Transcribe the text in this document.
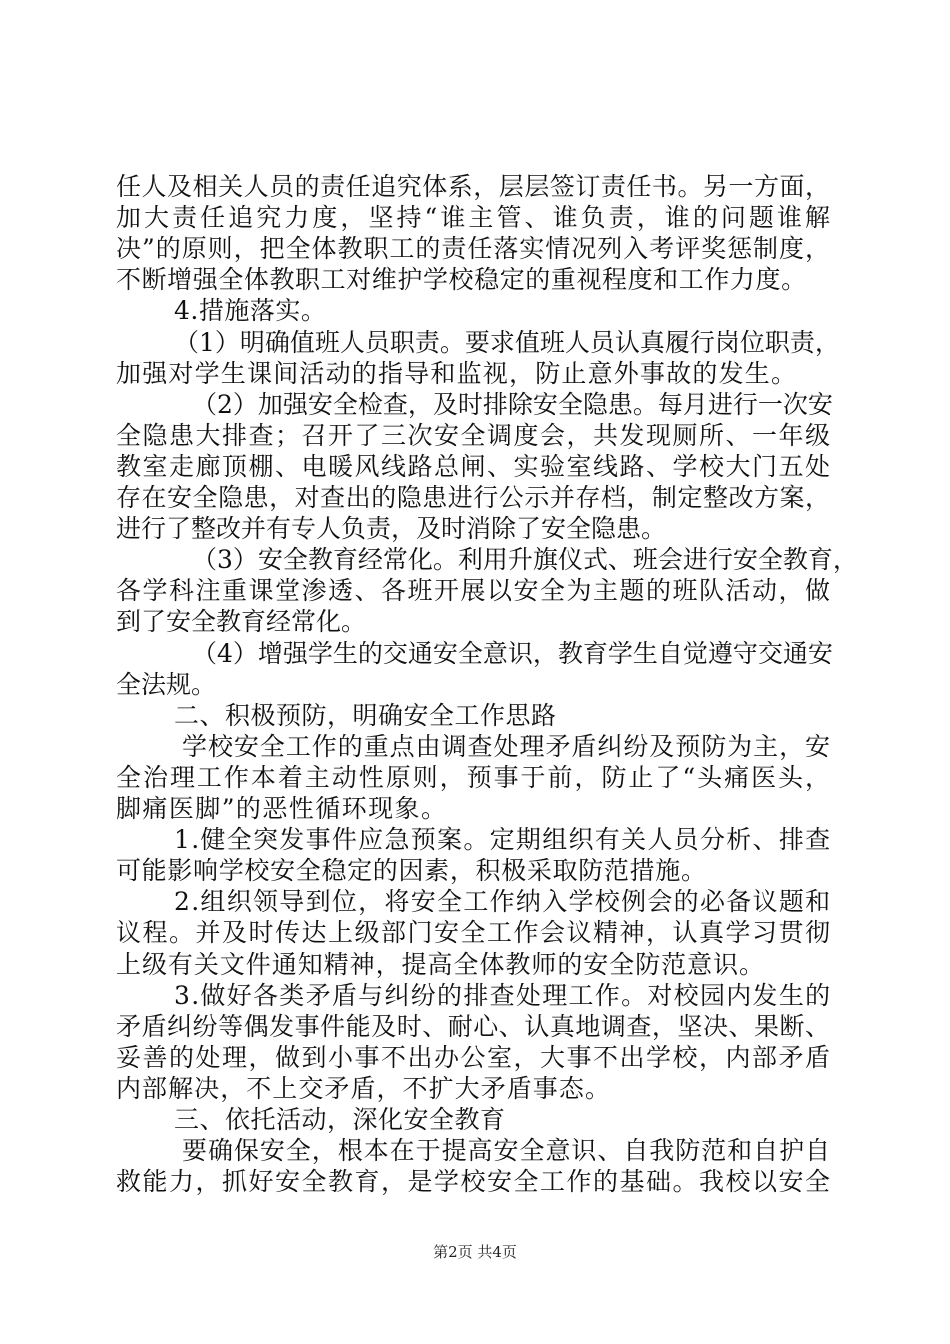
任人及相关人员的责任追究体系，层层签订责任书。另一方面，
加大责任追究力度，坚持“谁主管、谁负责，谁的问题谁解
决”的原则，把全体教职工的责任落实情况列入考评奖惩制度，
不断增强全体教职工对维护学校稳定的重视程度和工作力度。
4.措施落实。
（1）明确值班人员职责。要求值班人员认真履行岗位职责，
加强对学生课间活动的指导和监视，防止意外事故的发生。
（2）加强安全检查，及时排除安全隐患。每月进行一次安
全隐患大排查；召开了三次安全调度会，共发现厕所、一年级
教室走廊顶棚、电暖风线路总闸、实验室线路、学校大门五处
存在安全隐患，对查出的隐患进行公示并存档，制定整改方案，
进行了整改并有专人负责，及时消除了安全隐患。
（3）安全教育经常化。利用升旗仪式、班会进行安全教育，
各学科注重课堂渗透、各班开展以安全为主题的班队活动，做
到了安全教育经常化。
（4）增强学生的交通安全意识，教育学生自觉遵守交通安
全法规。
二、积极预防，明确安全工作思路
学校安全工作的重点由调查处理矛盾纠纷及预防为主，安
全治理工作本着主动性原则，预事于前，防止了“头痛医头，
脚痛医脚”的恶性循环现象。
1.健全突发事件应急预案。定期组织有关人员分析、排查
可能影响学校安全稳定的因素，积极采取防范措施。
2.组织领导到位，将安全工作纳入学校例会的必备议题和
议程。并及时传达上级部门安全工作会议精神，认真学习贯彻
上级有关文件通知精神，提高全体教师的安全防范意识。
3.做好各类矛盾与纠纷的排查处理工作。对校园内发生的
矛盾纠纷等偶发事件能及时、耐心、认真地调查，坚决、果断、
妥善的处理，做到小事不出办公室，大事不出学校，内部矛盾
内部解决，不上交矛盾，不扩大矛盾事态。
三、依托活动，深化安全教育
要确保安全，根本在于提高安全意识、自我防范和自护自
救能力，抓好安全教育，是学校安全工作的基础。我校以安全
第2页 共4页
